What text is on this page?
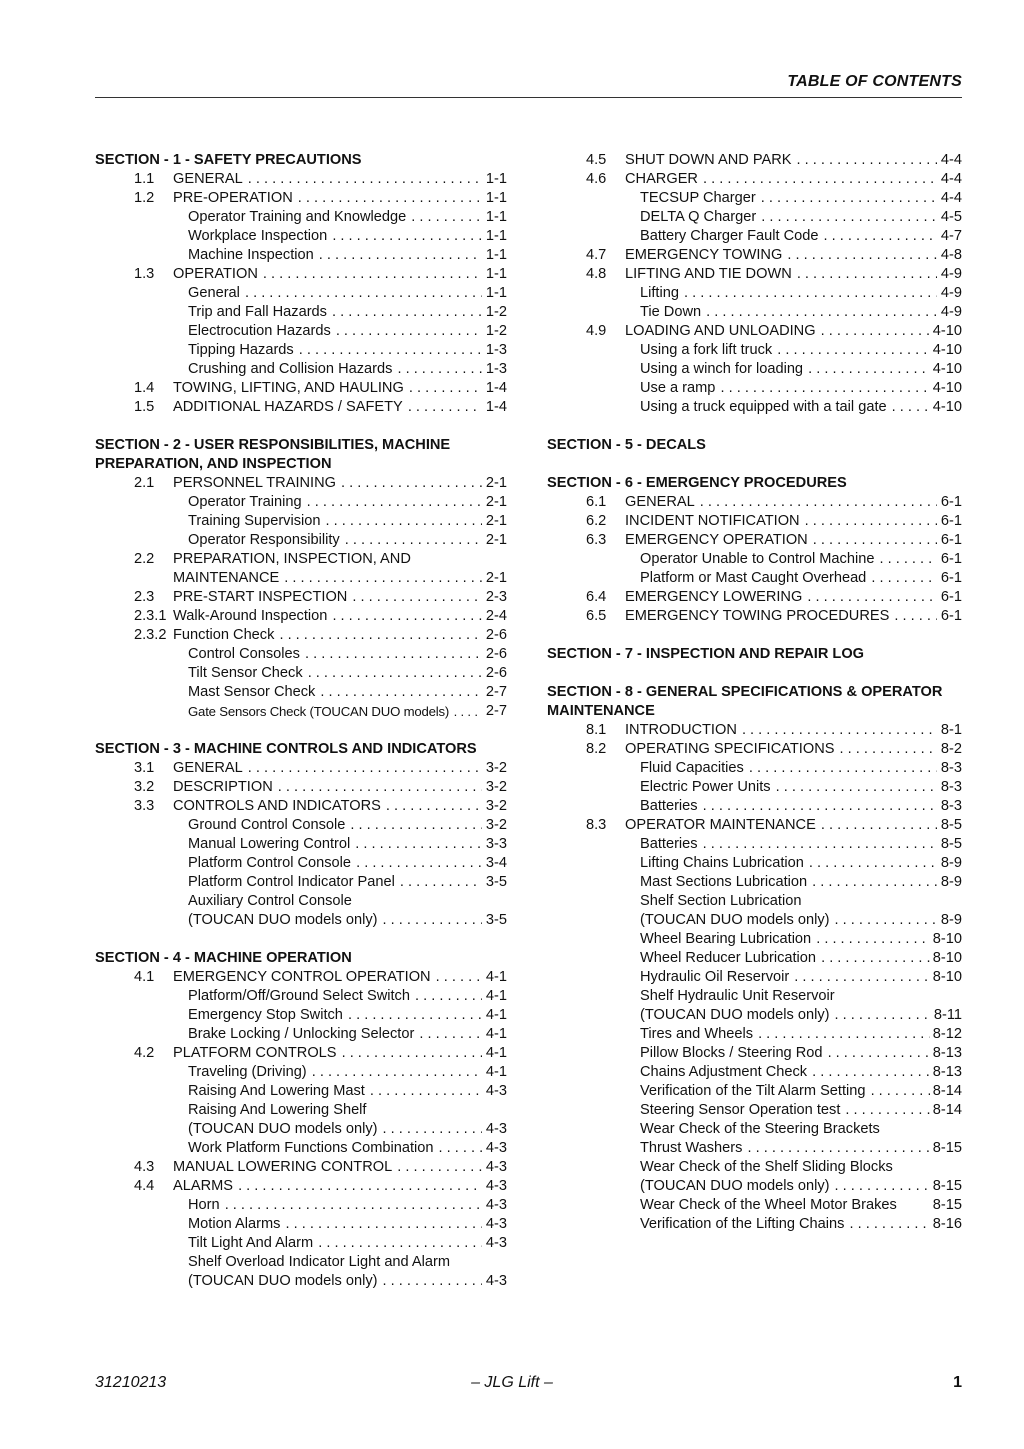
TABLE OF CONTENTS
SECTION - 1 - SAFETY PRECAUTIONS
1.1 GENERAL . . .	1-1
1.2 PRE-OPERATION . . .	1-1
Operator Training and Knowledge . . .	1-1
Workplace Inspection . . .	1-1
Machine Inspection . . .	1-1
1.3 OPERATION . . .	1-1
General . . .	1-1
Trip and Fall Hazards . . .	1-2
Electrocution Hazards . . .	1-2
Tipping Hazards . . .	1-3
Crushing and Collision Hazards . . .	1-3
1.4 TOWING, LIFTING, AND HAULING . . .	1-4
1.5 ADDITIONAL HAZARDS / SAFETY . . .	1-4
SECTION - 2 - USER RESPONSIBILITIES, MACHINE
PREPARATION, AND INSPECTION
2.1 PERSONNEL TRAINING . . .	2-1
Operator Training . . .	2-1
Training Supervision . . .	2-1
Operator Responsibility . . .	2-1
2.2 PREPARATION, INSPECTION, AND
MAINTENANCE . . .	2-1
2.3 PRE-START INSPECTION . . .	2-3
2.3.1 Walk-Around Inspection . . .	2-4
2.3.2 Function Check . . .	2-6
Control Consoles . . .	2-6
Tilt Sensor Check . . .	2-6
Mast Sensor Check . . .	2-7
Gate Sensors Check (TOUCAN DUO models) . . .	2-7
SECTION - 3 - MACHINE CONTROLS AND INDICATORS
3.1 GENERAL . . .	3-2
3.2 DESCRIPTION . . .	3-2
3.3 CONTROLS AND INDICATORS . . .	3-2
Ground Control Console . . .	3-2
Manual Lowering Control . . .	3-3
Platform Control Console . . .	3-4
Platform Control Indicator Panel . . .	3-5
Auxiliary Control Console
(TOUCAN DUO models only) . . .	3-5
SECTION - 4 - MACHINE OPERATION
4.1 EMERGENCY CONTROL OPERATION . . .	4-1
Platform/Off/Ground Select Switch . . .	4-1
Emergency Stop Switch . . .	4-1
Brake Locking / Unlocking Selector . . .	4-1
4.2 PLATFORM CONTROLS . . .	4-1
Traveling (Driving) . . .	4-1
Raising And Lowering Mast . . .	4-3
Raising And Lowering Shelf
(TOUCAN DUO models only) . . .	4-3
Work Platform Functions Combination . . .	4-3
4.3 MANUAL LOWERING CONTROL . . .	4-3
4.4 ALARMS . . .	4-3
Horn . . .	4-3
Motion Alarms . . .	4-3
Tilt Light And Alarm . . .	4-3
Shelf Overload Indicator Light and Alarm
(TOUCAN DUO models only) . . .	4-3
4.5 SHUT DOWN AND PARK . . .	4-4
4.6 CHARGER . . .	4-4
TECSUP Charger . . .	4-4
DELTA Q Charger . . .	4-5
Battery Charger Fault Code . . .	4-7
4.7 EMERGENCY TOWING . . .	4-8
4.8 LIFTING AND TIE DOWN . . .	4-9
Lifting . . .	4-9
Tie Down . . .	4-9
4.9 LOADING AND UNLOADING . . .	4-10
Using a fork lift truck . . .	4-10
Using a winch for loading . . .	4-10
Use a ramp . . .	4-10
Using a truck equipped with a tail gate . . .	4-10
SECTION - 5 - DECALS
SECTION - 6 - EMERGENCY PROCEDURES
6.1 GENERAL . . .	6-1
6.2 INCIDENT NOTIFICATION . . .	6-1
6.3 EMERGENCY OPERATION . . .	6-1
Operator Unable to Control Machine . . .	6-1
Platform or Mast Caught Overhead . . .	6-1
6.4 EMERGENCY LOWERING . . .	6-1
6.5 EMERGENCY TOWING PROCEDURES . . .	6-1
SECTION - 7 - INSPECTION AND REPAIR LOG
SECTION - 8 - GENERAL SPECIFICATIONS & OPERATOR
MAINTENANCE
8.1 INTRODUCTION . . .	8-1
8.2 OPERATING SPECIFICATIONS . . .	8-2
Fluid Capacities . . .	8-3
Electric Power Units . . .	8-3
Batteries . . .	8-3
8.3 OPERATOR MAINTENANCE . . .	8-5
Batteries . . .	8-5
Lifting Chains Lubrication . . .	8-9
Mast Sections Lubrication . . .	8-9
Shelf Section Lubrication
(TOUCAN DUO models only) . . .	8-9
Wheel Bearing Lubrication . . .	8-10
Wheel Reducer Lubrication . . .	8-10
Hydraulic Oil Reservoir . . .	8-10
Shelf Hydraulic Unit Reservoir
(TOUCAN DUO models only) . . .	8-11
Tires and Wheels . . .	8-12
Pillow Blocks / Steering Rod . . .	8-13
Chains Adjustment Check . . .	8-13
Verification of the Tilt Alarm Setting . . .	8-14
Steering Sensor Operation test . . .	8-14
Wear Check of the Steering Brackets
Thrust Washers . . .	8-15
Wear Check of the Shelf Sliding Blocks
(TOUCAN DUO models only) . . .	8-15
Wear Check of the Wheel Motor Brakes	8-15
Verification of the Lifting Chains . . .	8-16
31210213	– JLG Lift –	1
